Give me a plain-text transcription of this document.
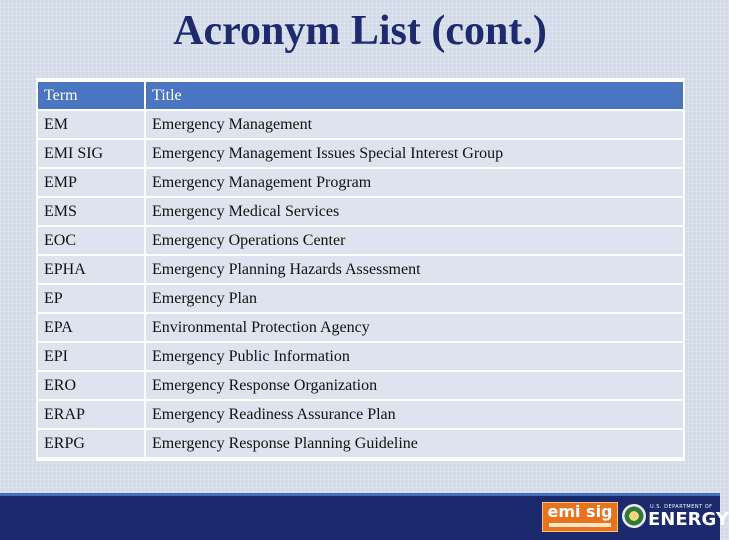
Acronym List (cont.)
Term	Title
EM	Emergency Management
EMI SIG	Emergency Management Issues Special Interest Group
EMP	Emergency Management Program
EMS	Emergency Medical Services
EOC	Emergency Operations Center
EPHA	Emergency Planning Hazards Assessment
EP	Emergency Plan
EPA	Environmental Protection Agency
EPI	Emergency Public Information
ERO	Emergency Response Organization
ERAP	Emergency Readiness Assurance Plan
ERPG	Emergency Response Planning Guideline
emi sig	U.S. DEPARTMENT OF
ENERGY
